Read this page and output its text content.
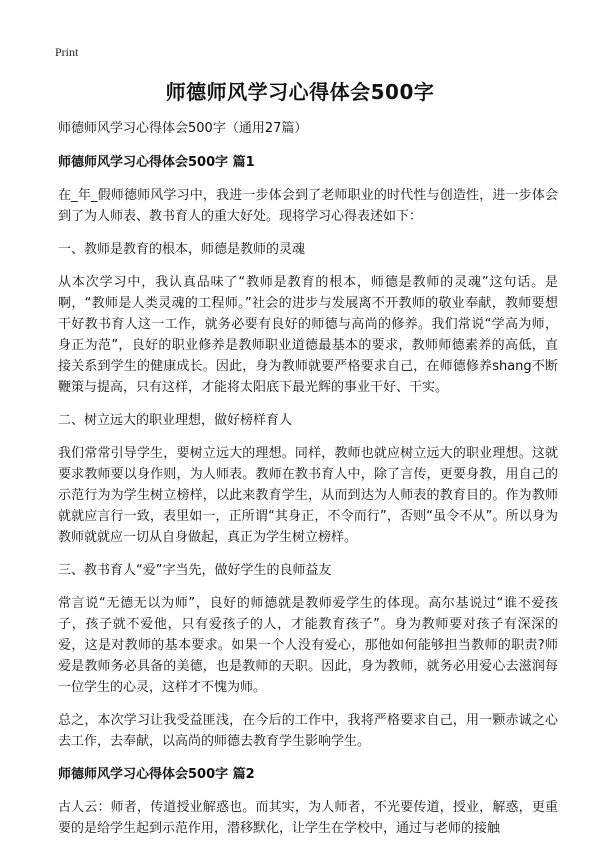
Print
师德师风学习心得体会500字

师德师风学习心得体会500字（通用27篇）

师德师风学习心得体会500字 篇1

在_年_假师德师风学习中，我进一步体会到了老师职业的时代性与创造性，进一步体会到了为人师表、教书育人的重大好处。现将学习心得表述如下：

一、教师是教育的根本，师德是教师的灵魂

从本次学习中，我认真品味了“教师是教育的根本，师德是教师的灵魂”这句话。是啊，“教师是人类灵魂的工程师。”社会的进步与发展离不开教师的敬业奉献，教师要想干好教书育人这一工作，就务必要有良好的师德与高尚的修养。我们常说“学高为师，身正为范”，良好的职业修养是教师职业道德最基本的要求，教师师德素养的高低，直接关系到学生的健康成长。因此，身为教师就要严格要求自己，在师德修养shang不断鞭策与提高，只有这样，才能将太阳底下最光辉的事业干好、干实。

二、树立远大的职业理想，做好榜样育人

我们常常引导学生，要树立远大的理想。同样，教师也就应树立远大的职业理想。这就要求教师要以身作则，为人师表。教师在教书育人中，除了言传，更要身教，用自己的示范行为为学生树立榜样，以此来教育学生，从而到达为人师表的教育目的。作为教师就就应言行一致，表里如一，正所谓“其身正，不令而行”，否则“虽令不从”。所以身为教师就就应一切从自身做起，真正为学生树立榜样。

三、教书育人“爱”字当先，做好学生的良师益友

常言说“无德无以为师”，良好的师德就是教师爱学生的体现。高尔基说过“谁不爱孩子，孩子就不爱他，只有爱孩子的人，才能教育孩子”。身为教师要对孩子有深深的爱，这是对教师的基本要求。如果一个人没有爱心，那他如何能够担当教师的职责?师爱是教师务必具备的美德，也是教师的天职。因此，身为教师，就务必用爱心去滋润每一位学生的心灵，这样才不愧为师。

总之，本次学习让我受益匪浅，在今后的工作中，我将严格要求自己，用一颗赤诚之心去工作，去奉献，以高尚的师德去教育学生影响学生。

师德师风学习心得体会500字 篇2

古人云：师者，传道授业解惑也。而其实，为人师者，不光要传道，授业，解惑，更重要的是给学生起到示范作用，潜移默化，让学生在学校中，通过与老师的接触
